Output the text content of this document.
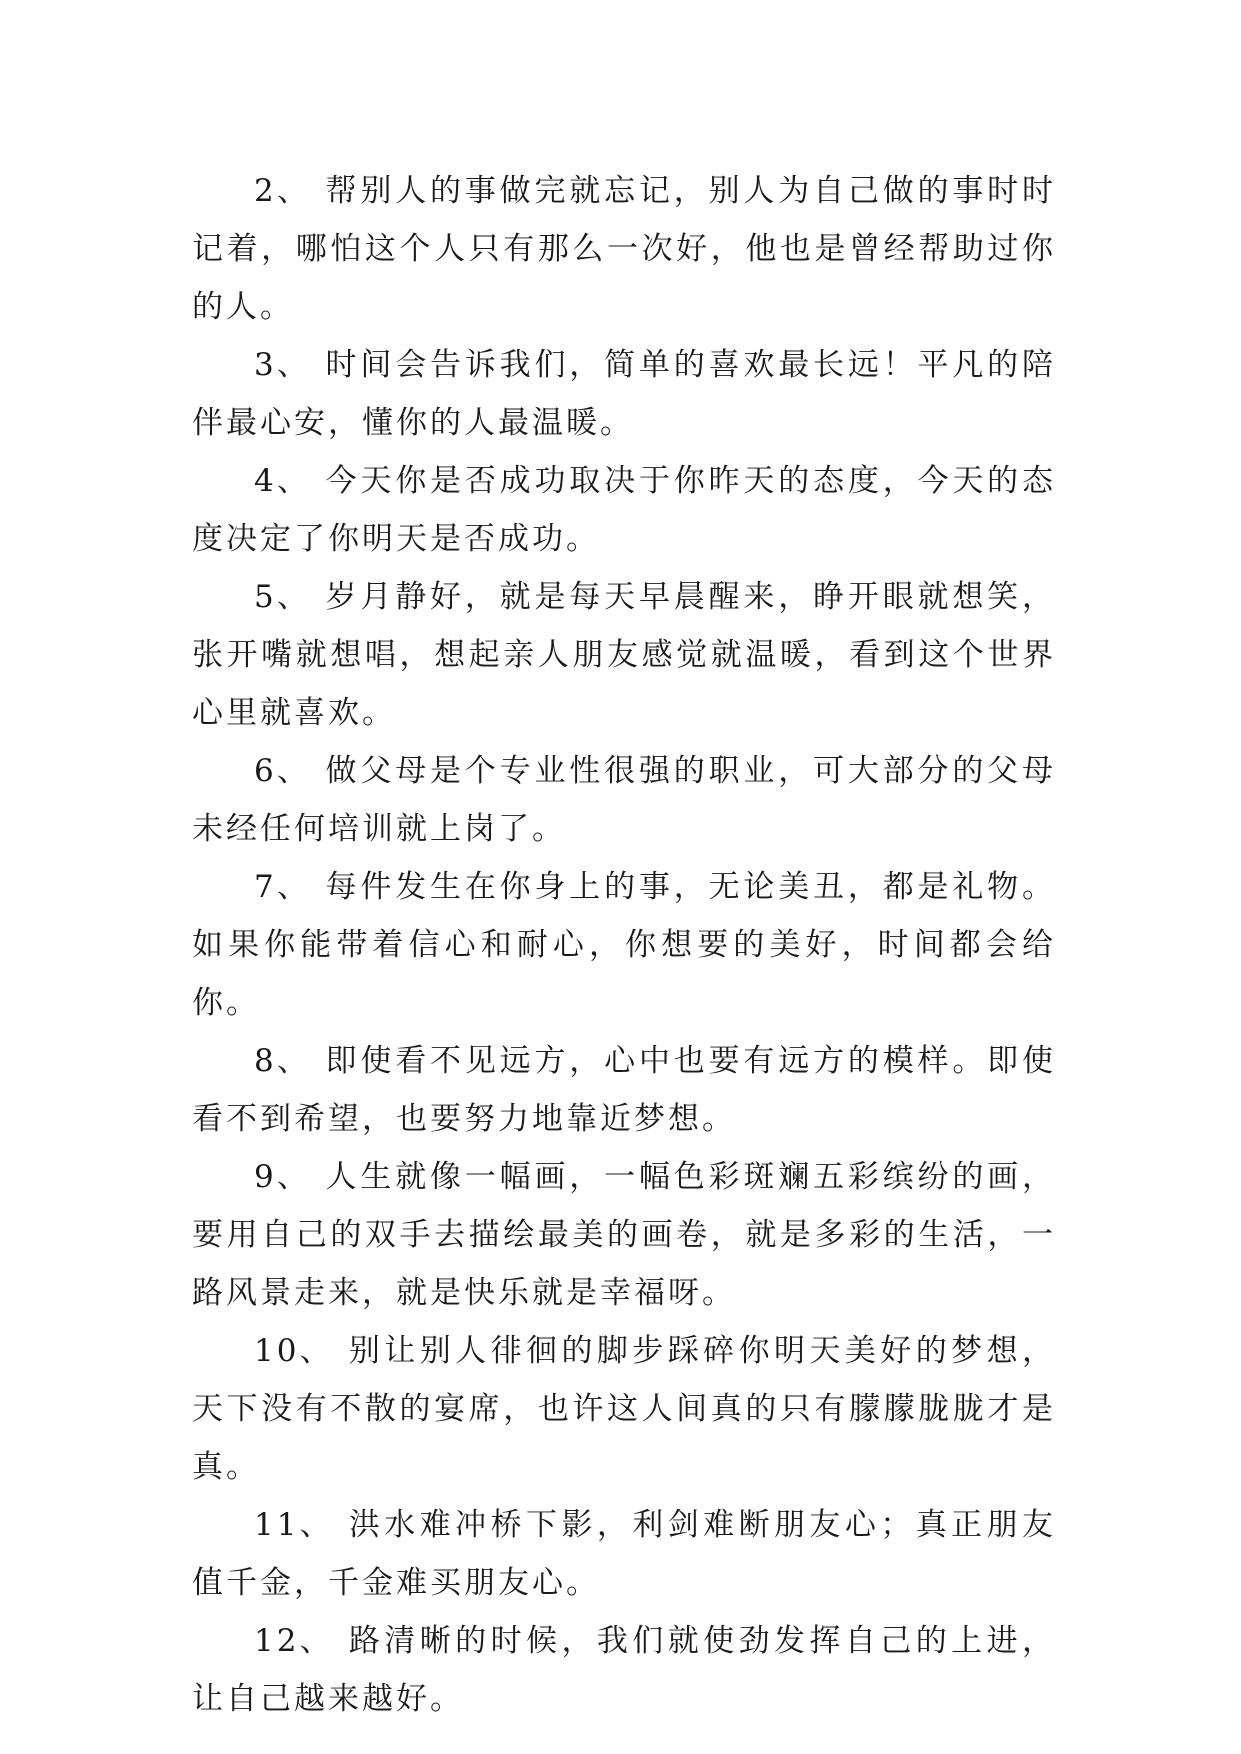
2、 帮别人的事做完就忘记，别人为自己做的事时时记着，哪怕这个人只有那么一次好，他也是曾经帮助过你的人。

3、 时间会告诉我们，简单的喜欢最长远！平凡的陪伴最心安，懂你的人最温暖。

4、 今天你是否成功取决于你昨天的态度，今天的态度决定了你明天是否成功。

5、 岁月静好，就是每天早晨醒来，睁开眼就想笑，张开嘴就想唱，想起亲人朋友感觉就温暖，看到这个世界心里就喜欢。

6、 做父母是个专业性很强的职业，可大部分的父母未经任何培训就上岗了。

7、 每件发生在你身上的事，无论美丑，都是礼物。如果你能带着信心和耐心，你想要的美好，时间都会给你。

8、 即使看不见远方，心中也要有远方的模样。即使看不到希望，也要努力地靠近梦想。

9、 人生就像一幅画，一幅色彩斑斓五彩缤纷的画，要用自己的双手去描绘最美的画卷，就是多彩的生活，一路风景走来，就是快乐就是幸福呀。

10、 别让别人徘徊的脚步踩碎你明天美好的梦想，天下没有不散的宴席，也许这人间真的只有朦朦胧胧才是真。

11、 洪水难冲桥下影，利剑难断朋友心；真正朋友值千金，千金难买朋友心。

12、 路清晰的时候，我们就使劲发挥自己的上进，让自己越来越好。
